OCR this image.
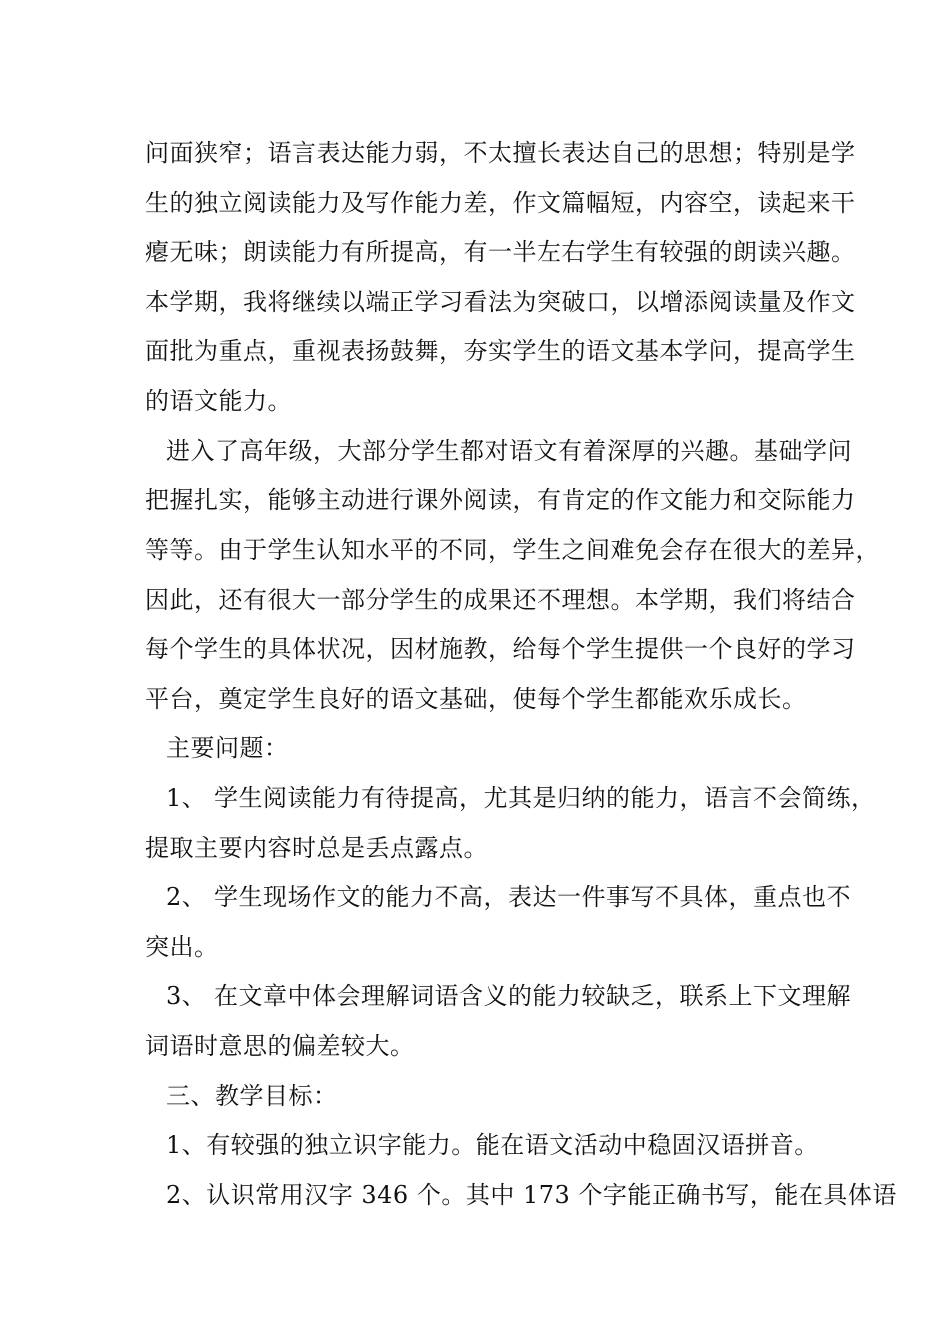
问面狭窄；语言表达能力弱，不太擅长表达自己的思想；特别是学
生的独立阅读能力及写作能力差，作文篇幅短，内容空，读起来干
瘪无味；朗读能力有所提高，有一半左右学生有较强的朗读兴趣。
本学期，我将继续以端正学习看法为突破口，以增添阅读量及作文
面批为重点，重视表扬鼓舞，夯实学生的语文基本学问，提高学生
的语文能力。
进入了高年级，大部分学生都对语文有着深厚的兴趣。基础学问
把握扎实，能够主动进行课外阅读，有肯定的作文能力和交际能力
等等。由于学生认知水平的不同，学生之间难免会存在很大的差异，
因此，还有很大一部分学生的成果还不理想。本学期，我们将结合
每个学生的具体状况，因材施教，给每个学生提供一个良好的学习
平台，奠定学生良好的语文基础，使每个学生都能欢乐成长。
主要问题：
1、 学生阅读能力有待提高，尤其是归纳的能力，语言不会简练，
提取主要内容时总是丢点露点。
2、 学生现场作文的能力不高，表达一件事写不具体，重点也不
突出。
3、 在文章中体会理解词语含义的能力较缺乏，联系上下文理解
词语时意思的偏差较大。
三、教学目标：
1、有较强的独立识字能力。能在语文活动中稳固汉语拼音。
2、认识常用汉字 346 个。其中 173 个字能正确书写，能在具体语
